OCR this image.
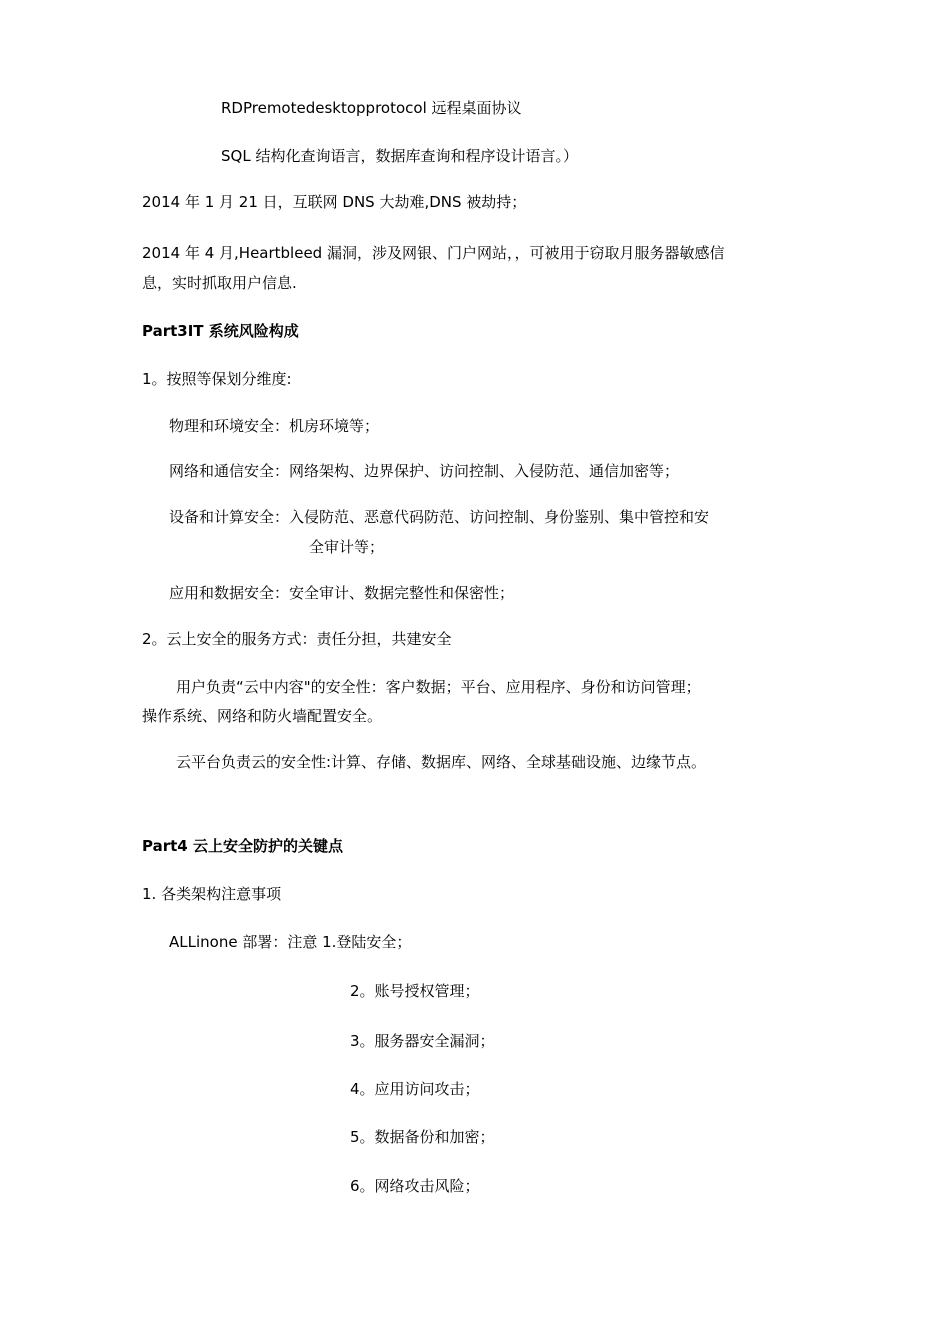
RDPremotedesktopprotocol 远程桌面协议
SQL 结构化查询语言，数据库查询和程序设计语言。）
2014 年 1 月 21 日，互联网 DNS 大劫难,DNS 被劫持；
2014 年 4 月,Heartbleed 漏洞，涉及网银、门户网站，，可被用于窃取月服务器敏感信
息，实时抓取用户信息.
Part3IT 系统风险构成
1。按照等保划分维度:
物理和环境安全：机房环境等；
网络和通信安全：网络架构、边界保护、访问控制、入侵防范、通信加密等；
设备和计算安全：入侵防范、恶意代码防范、访问控制、身份鉴别、集中管控和安
全审计等；
应用和数据安全：安全审计、数据完整性和保密性；
2。云上安全的服务方式：责任分担，共建安全
用户负责“云中内容"的安全性：客户数据；平台、应用程序、身份和访问管理；
操作系统、网络和防火墙配置安全。
云平台负责云的安全性:计算、存储、数据库、网络、全球基础设施、边缘节点。
Part4 云上安全防护的关键点
1. 各类架构注意事项
ALLinone 部署：注意 1.登陆安全；
2。账号授权管理；
3。服务器安全漏洞；
4。应用访问攻击；
5。数据备份和加密；
6。网络攻击风险；
